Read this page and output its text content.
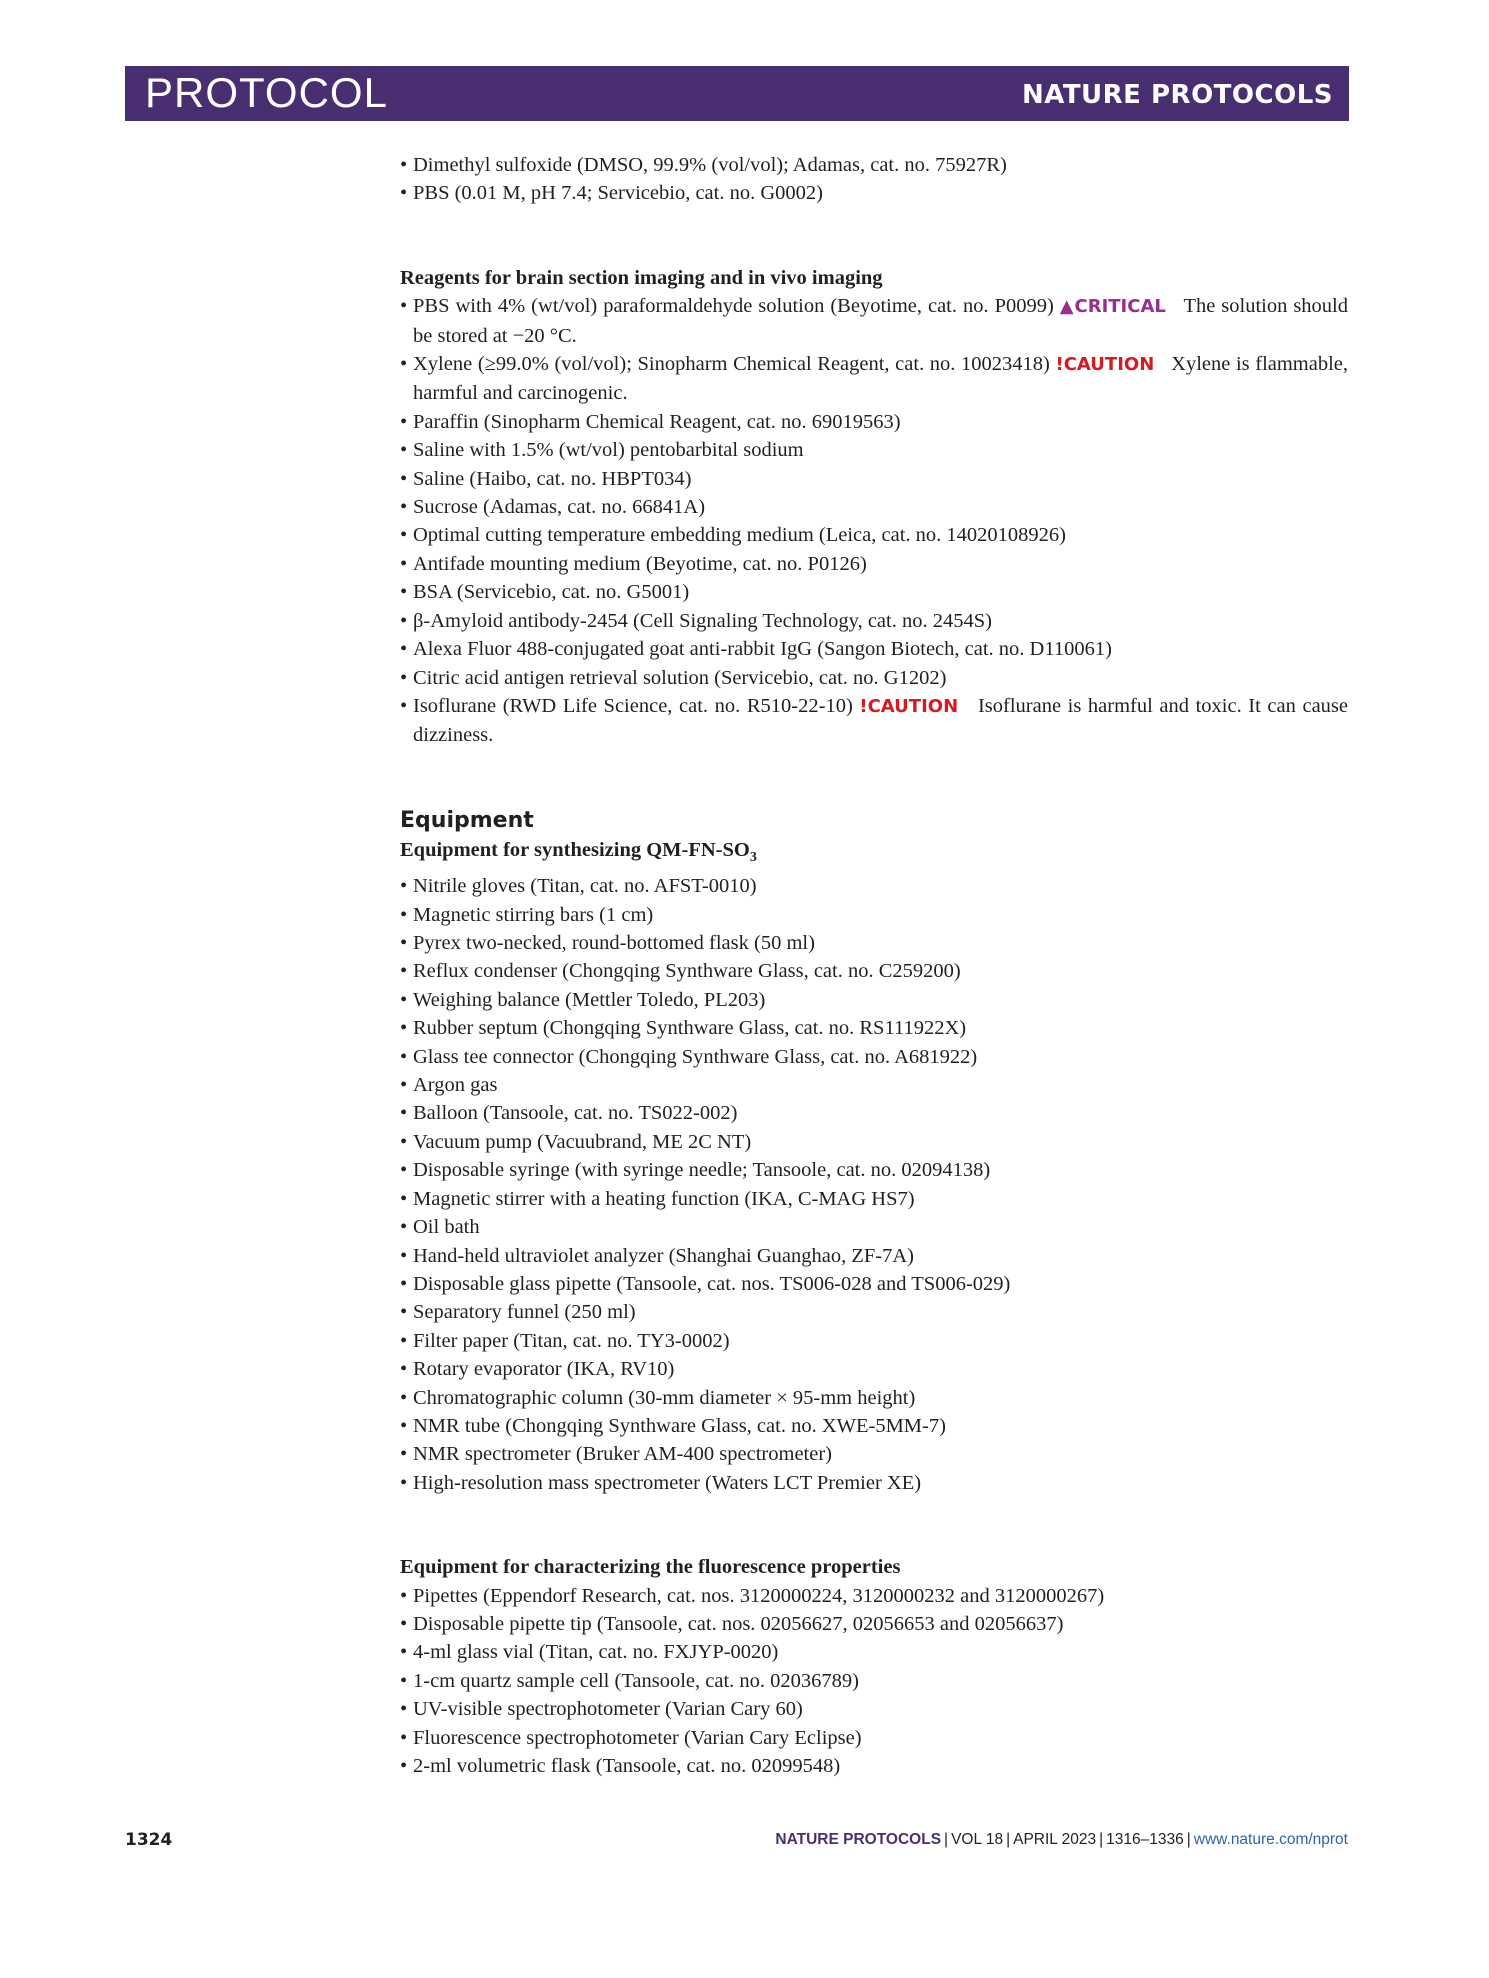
PROTOCOL	NATURE PROTOCOLS
• Dimethyl sulfoxide (DMSO, 99.9% (vol/vol); Adamas, cat. no. 75927R)
• PBS (0.01 M, pH 7.4; Servicebio, cat. no. G0002)
Reagents for brain section imaging and in vivo imaging
• PBS with 4% (wt/vol) paraformaldehyde solution (Beyotime, cat. no. P0099) ▲CRITICAL The solution should be stored at −20 °C.
• Xylene (≥99.0% (vol/vol); Sinopharm Chemical Reagent, cat. no. 10023418) !CAUTION Xylene is flammable, harmful and carcinogenic.
• Paraffin (Sinopharm Chemical Reagent, cat. no. 69019563)
• Saline with 1.5% (wt/vol) pentobarbital sodium
• Saline (Haibo, cat. no. HBPT034)
• Sucrose (Adamas, cat. no. 66841A)
• Optimal cutting temperature embedding medium (Leica, cat. no. 14020108926)
• Antifade mounting medium (Beyotime, cat. no. P0126)
• BSA (Servicebio, cat. no. G5001)
• β-Amyloid antibody-2454 (Cell Signaling Technology, cat. no. 2454S)
• Alexa Fluor 488-conjugated goat anti-rabbit IgG (Sangon Biotech, cat. no. D110061)
• Citric acid antigen retrieval solution (Servicebio, cat. no. G1202)
• Isoflurane (RWD Life Science, cat. no. R510-22-10) !CAUTION Isoflurane is harmful and toxic. It can cause dizziness.
Equipment
Equipment for synthesizing $QM-FN-SO_3$
• Nitrile gloves (Titan, cat. no. AFST-0010)
• Magnetic stirring bars (1 cm)
• Pyrex two-necked, round-bottomed flask (50 ml)
• Reflux condenser (Chongqing Synthware Glass, cat. no. C259200)
• Weighing balance (Mettler Toledo, PL203)
• Rubber septum (Chongqing Synthware Glass, cat. no. RS111922X)
• Glass tee connector (Chongqing Synthware Glass, cat. no. A681922)
• Argon gas
• Balloon (Tansoole, cat. no. TS022-002)
• Vacuum pump (Vacuubrand, ME 2C NT)
• Disposable syringe (with syringe needle; Tansoole, cat. no. 02094138)
• Magnetic stirrer with a heating function (IKA, C-MAG HS7)
• Oil bath
• Hand-held ultraviolet analyzer (Shanghai Guanghao, ZF-7A)
• Disposable glass pipette (Tansoole, cat. nos. TS006-028 and TS006-029)
• Separatory funnel (250 ml)
• Filter paper (Titan, cat. no. TY3-0002)
• Rotary evaporator (IKA, RV10)
• Chromatographic column (30-mm diameter × 95-mm height)
• NMR tube (Chongqing Synthware Glass, cat. no. XWE-5MM-7)
• NMR spectrometer (Bruker AM-400 spectrometer)
• High-resolution mass spectrometer (Waters LCT Premier XE)
Equipment for characterizing the fluorescence properties
• Pipettes (Eppendorf Research, cat. nos. 3120000224, 3120000232 and 3120000267)
• Disposable pipette tip (Tansoole, cat. nos. 02056627, 02056653 and 02056637)
• 4-ml glass vial (Titan, cat. no. FXJYP-0020)
• 1-cm quartz sample cell (Tansoole, cat. no. 02036789)
• UV-visible spectrophotometer (Varian Cary 60)
• Fluorescence spectrophotometer (Varian Cary Eclipse)
• 2-ml volumetric flask (Tansoole, cat. no. 02099548)
1324	NATURE PROTOCOLS | VOL 18 | APRIL 2023 | 1316–1336 | www.nature.com/nprot
